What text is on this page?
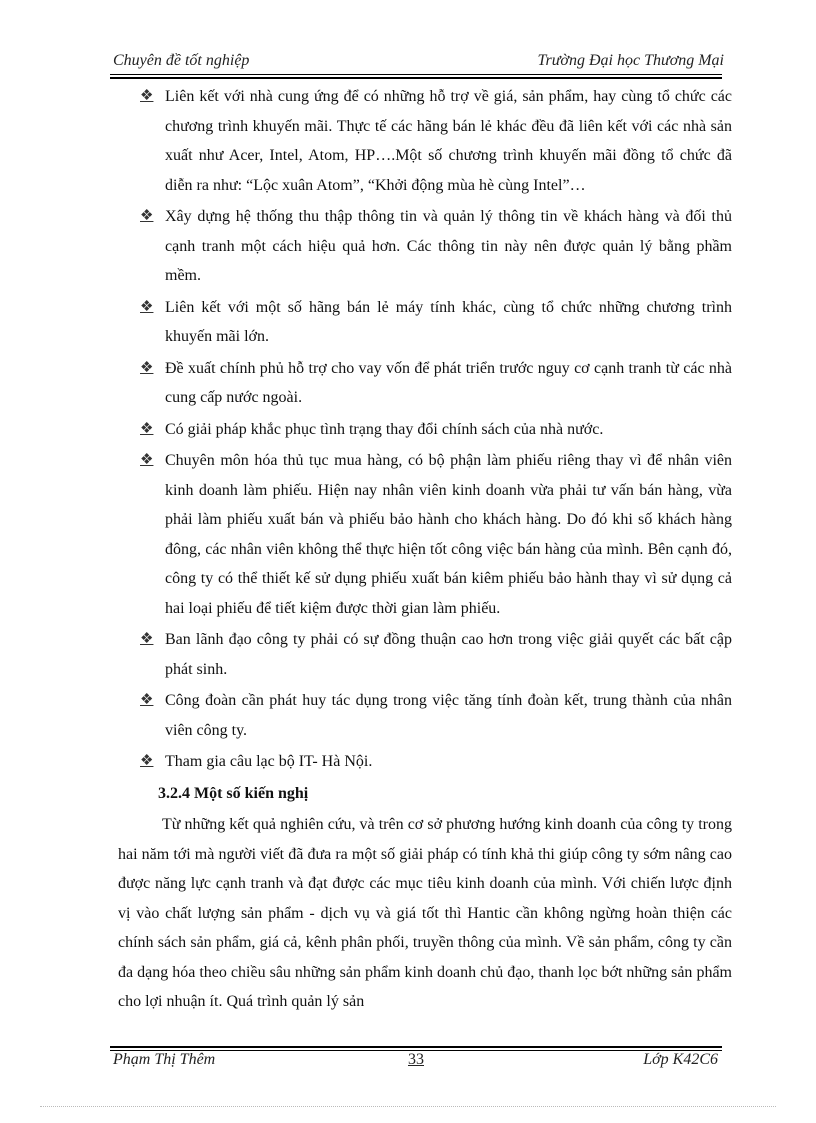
Chuyên đề tốt nghiệp	Trường Đại học Thương Mại
❖ Liên kết với nhà cung ứng để có những hỗ trợ về giá, sản phẩm, hay cùng tổ chức các chương trình khuyến mãi. Thực tế các hãng bán lẻ khác đều đã liên kết với các nhà sản xuất như Acer, Intel, Atom, HP….Một số chương trình khuyến mãi đồng tổ chức đã diễn ra như: “Lộc xuân Atom”, “Khởi động mùa hè cùng Intel”…
❖ Xây dựng hệ thống thu thập thông tin và quản lý thông tin về khách hàng và đối thủ cạnh tranh một cách hiệu quả hơn. Các thông tin này nên được quản lý bằng phầm mềm.
❖ Liên kết với một số hãng bán lẻ máy tính khác, cùng tổ chức những chương trình khuyến mãi lớn.
❖ Đề xuất chính phủ hỗ trợ cho vay vốn để phát triển trước nguy cơ cạnh tranh từ các nhà cung cấp nước ngoài.
❖ Có giải pháp khắc phục tình trạng thay đổi chính sách của nhà nước.
❖ Chuyên môn hóa thủ tục mua hàng, có bộ phận làm phiếu riêng thay vì để nhân viên kinh doanh làm phiếu. Hiện nay nhân viên kinh doanh vừa phải tư vấn bán hàng, vừa phải làm phiếu xuất bán và phiếu bảo hành cho khách hàng. Do đó khi số khách hàng đông, các nhân viên không thể thực hiện tốt công việc bán hàng của mình. Bên cạnh đó, công ty có thể thiết kế sử dụng phiếu xuất bán kiêm phiếu bảo hành thay vì sử dụng cả hai loại phiếu để tiết kiệm được thời gian làm phiếu.
❖ Ban lãnh đạo công ty phải có sự đồng thuận cao hơn trong việc giải quyết các bất cập phát sinh.
❖ Công đoàn cần phát huy tác dụng trong việc tăng tính đoàn kết, trung thành của nhân viên công ty.
❖ Tham gia câu lạc bộ IT- Hà Nội.
3.2.4 Một số kiến nghị
Từ những kết quả nghiên cứu, và trên cơ sở phương hướng kinh doanh của công ty trong hai năm tới mà người viết đã đưa ra một số giải pháp có tính khả thi giúp công ty sớm nâng cao được năng lực cạnh tranh và đạt được các mục tiêu kinh doanh của mình. Với chiến lược định vị vào chất lượng sản phẩm - dịch vụ và giá tốt thì Hantic cần không ngừng hoàn thiện các chính sách sản phẩm, giá cả, kênh phân phối, truyền thông của mình. Về sản phẩm, công ty cần đa dạng hóa theo chiều sâu những sản phẩm kinh doanh chủ đạo, thanh lọc bớt những sản phẩm cho lợi nhuận ít. Quá trình quản lý sản
Phạm Thị Thêm	33	Lớp K42C6
